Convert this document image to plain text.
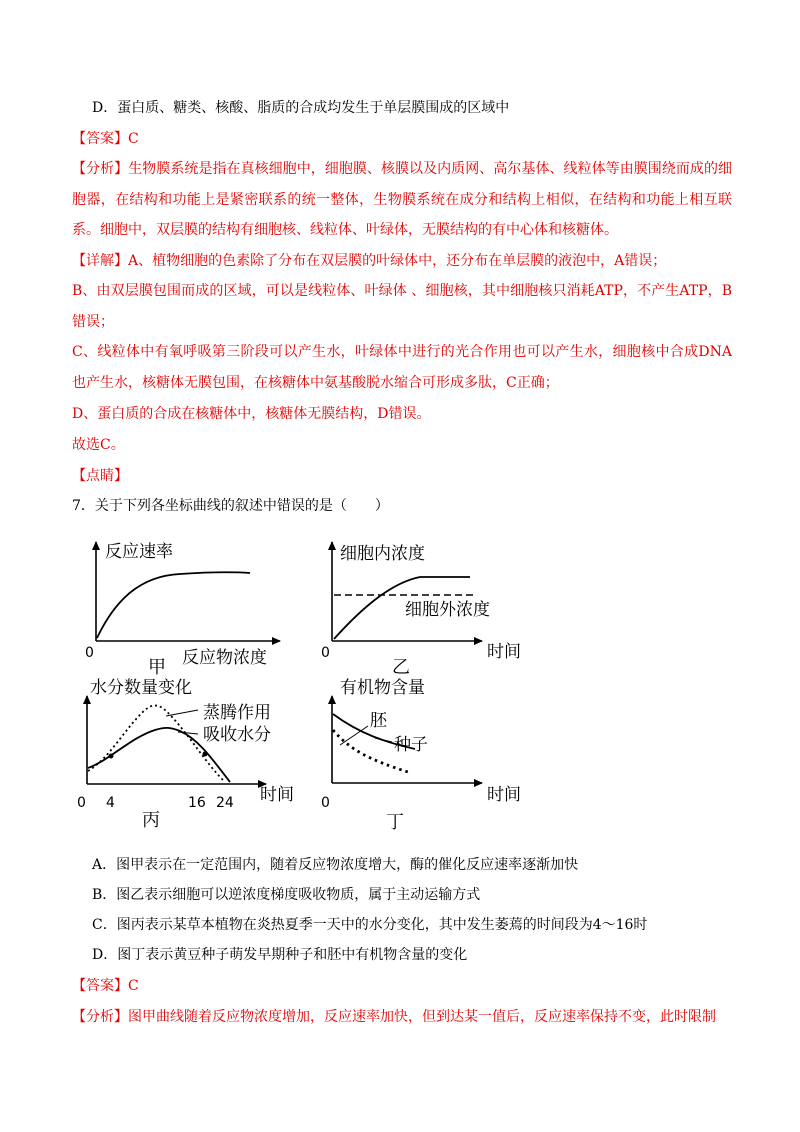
D．蛋白质、糖类、核酸、脂质的合成均发生于单层膜围成的区域中
【答案】C
【分析】生物膜系统是指在真核细胞中，细胞膜、核膜以及内质网、高尔基体、线粒体等由膜围绕而成的细胞器，在结构和功能上是紧密联系的统一整体，生物膜系统在成分和结构上相似，在结构和功能上相互联系。细胞中，双层膜的结构有细胞核、线粒体、叶绿体，无膜结构的有中心体和核糖体。
【详解】A、植物细胞的色素除了分布在双层膜的叶绿体中，还分布在单层膜的液泡中，A错误；
B、由双层膜包围而成的区域，可以是线粒体、叶绿体 、细胞核，其中细胞核只消耗ATP，不产生ATP，B错误；
C、线粒体中有氧呼吸第三阶段可以产生水，叶绿体中进行的光合作用也可以产生水，细胞核中合成DNA也产生水，核糖体无膜包围，在核糖体中氨基酸脱水缩合可形成多肽，C正确；
D、蛋白质的合成在核糖体中，核糖体无膜结构，D错误。
故选C。
【点睛】
7．关于下列各坐标曲线的叙述中错误的是（　　）
反应速率
0	反应物浓度
甲
细胞内浓度
细胞外浓度
0	时间
乙
水分数量变化
蒸腾作用
吸收水分
0 4	16 24 时间
丙
有机物含量
胚
种子
0	时间
丁
A．图甲表示在一定范围内，随着反应物浓度增大，酶的催化反应速率逐渐加快
B．图乙表示细胞可以逆浓度梯度吸收物质，属于主动运输方式
C．图丙表示某草本植物在炎热夏季一天中的水分变化，其中发生萎蔫的时间段为4～16时
D．图丁表示黄豆种子萌发早期种子和胚中有机物含量的变化
【答案】C
【分析】图甲曲线随着反应物浓度增加，反应速率加快，但到达某一值后，反应速率保持不变，此时限制
